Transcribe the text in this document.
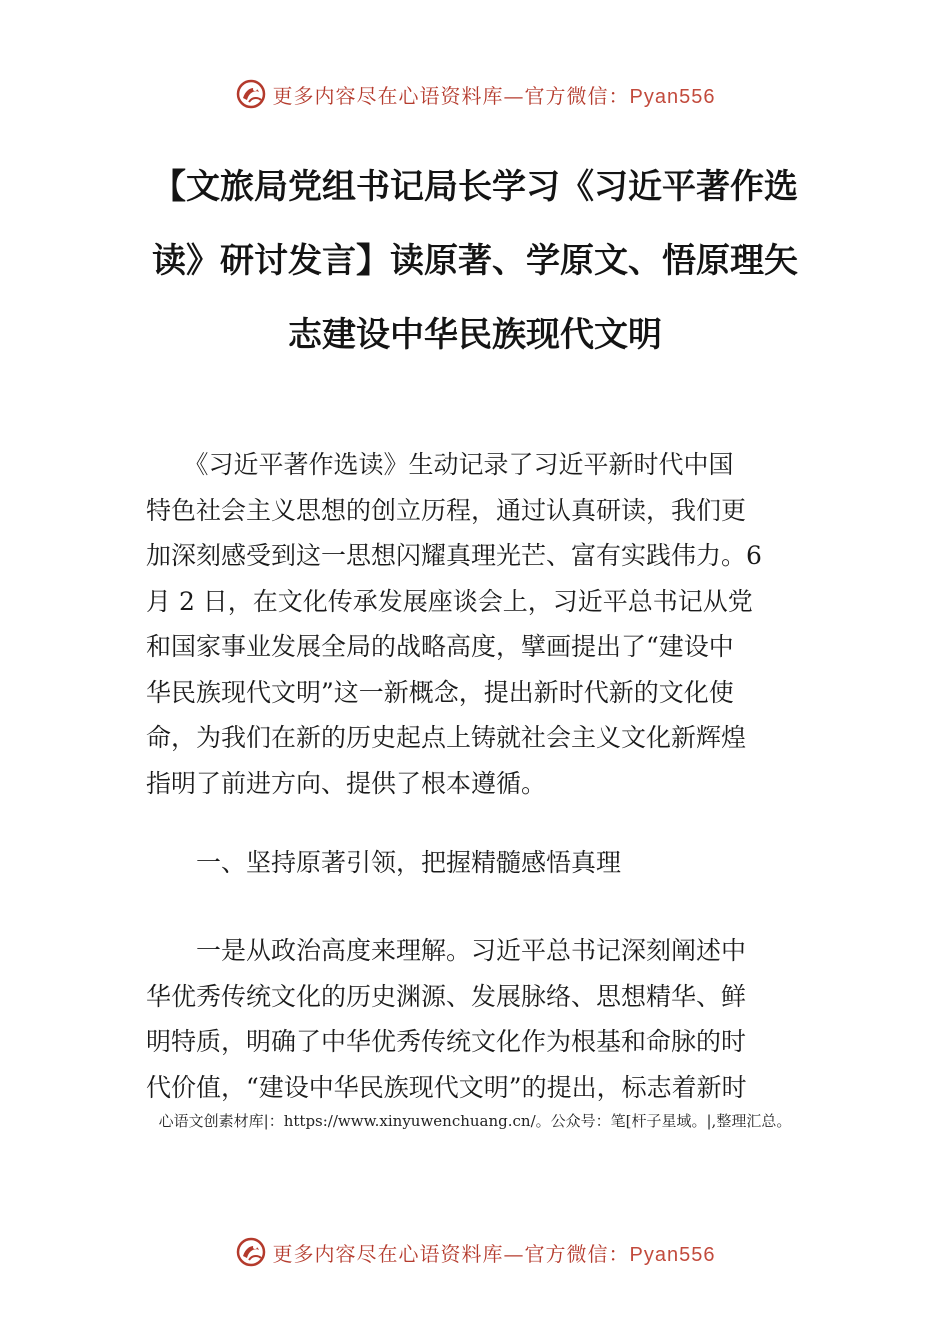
更多内容尽在心语资料库—官方微信：Pyan556
【文旅局党组书记局长学习《习近平著作选
读》研讨发言】读原著、学原文、悟原理矢
志建设中华民族现代文明
　　《习近平著作选读》生动记录了习近平新时代中国
特色社会主义思想的创立历程，通过认真研读，我们更
加深刻感受到这一思想闪耀真理光芒、富有实践伟力。6
月 2 日，在文化传承发展座谈会上，习近平总书记从党
和国家事业发展全局的战略高度，擘画提出了“建设中
华民族现代文明”这一新概念，提出新时代新的文化使
命，为我们在新的历史起点上铸就社会主义文化新辉煌
指明了前进方向、提供了根本遵循。
　　一、坚持原著引领，把握精髓感悟真理
　　一是从政治高度来理解。习近平总书记深刻阐述中
华优秀传统文化的历史渊源、发展脉络、思想精华、鲜
明特质，明确了中华优秀传统文化作为根基和命脉的时
代价值，“建设中华民族现代文明”的提出，标志着新时
心语文创素材库|：https://www.xinyuwenchuang.cn/。公众号：笔[杆子星域。|,整理汇总。
更多内容尽在心语资料库—官方微信：Pyan556
